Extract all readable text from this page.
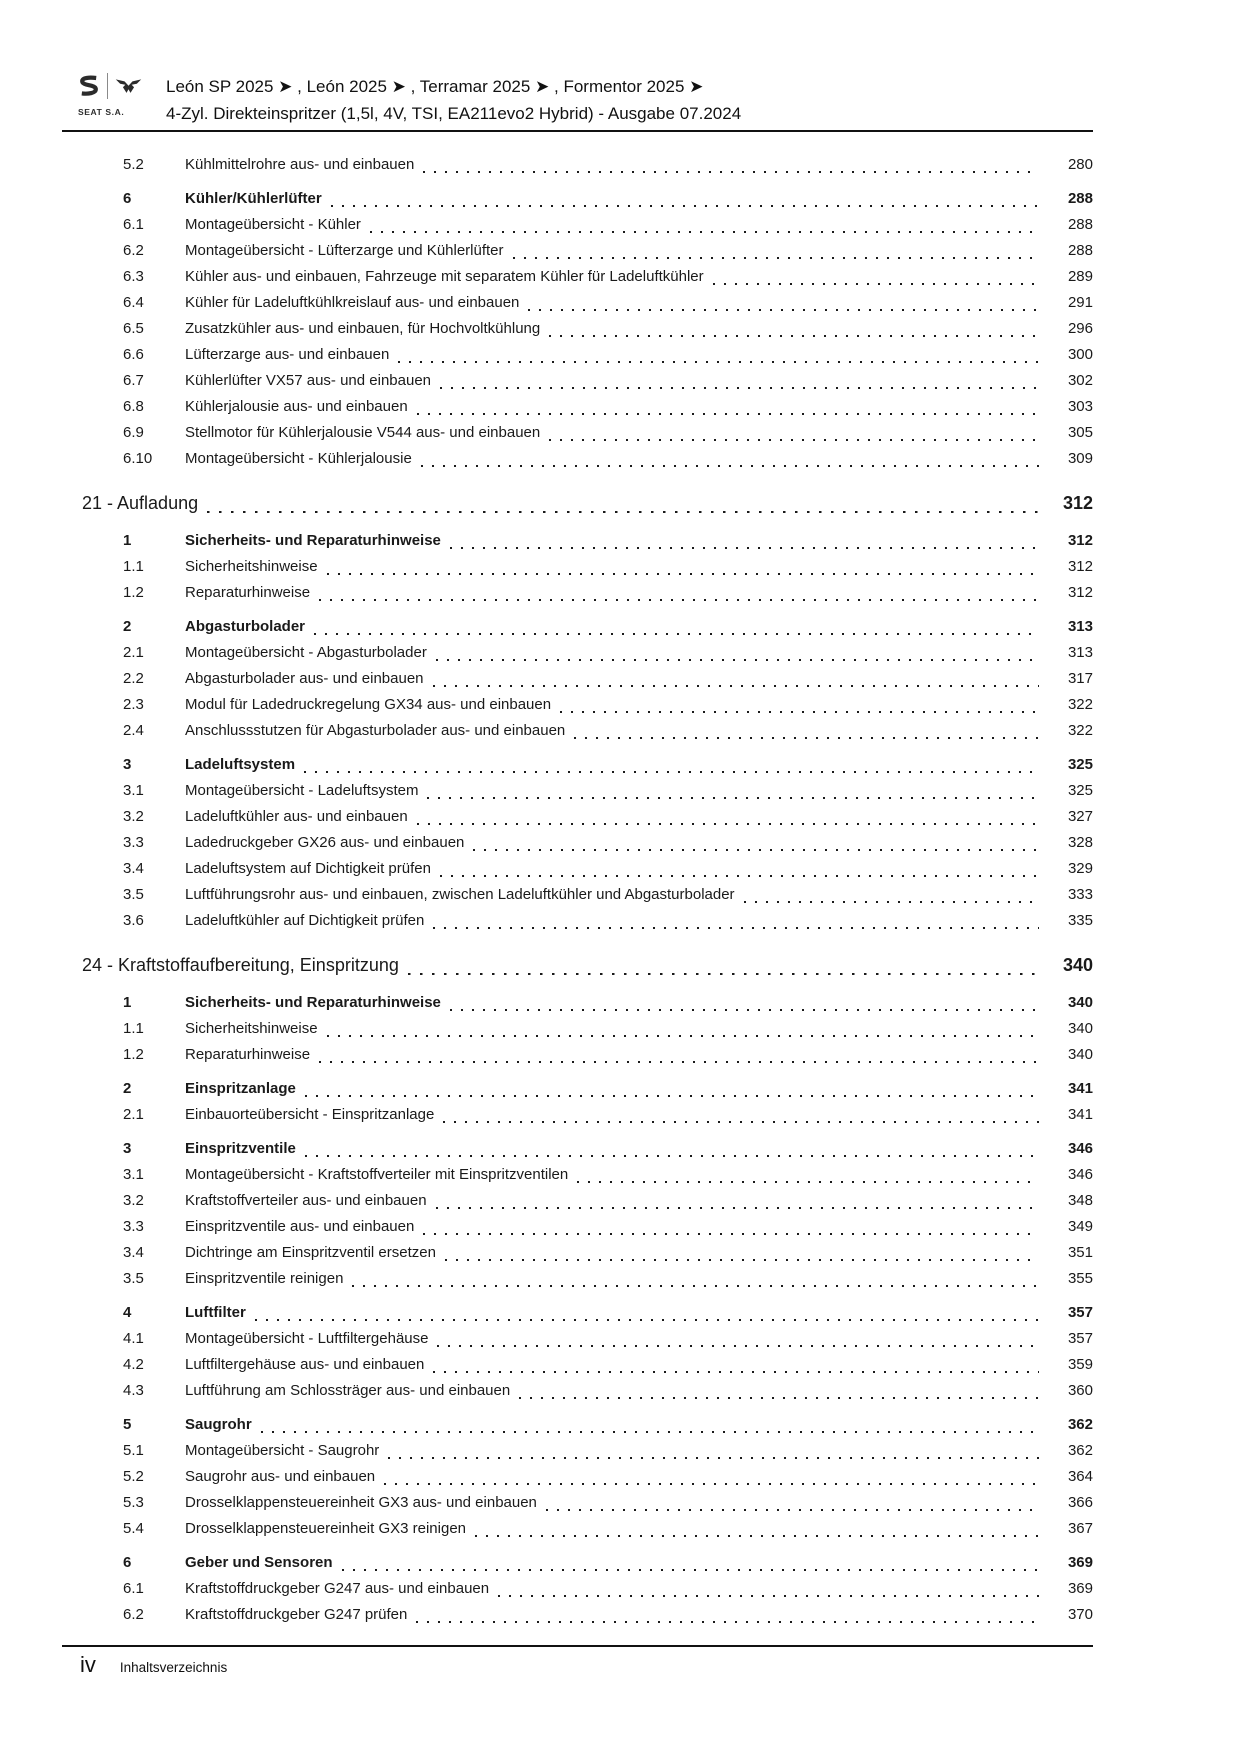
SEAT S.A.
León SP 2025 ➤ , León 2025 ➤ , Terramar 2025 ➤ , Formentor 2025 ➤
4-Zyl. Direkteinspritzer (1,5l, 4V, TSI, EA211evo2 Hybrid) - Ausgabe 07.2024
5.2	Kühlmittelrohre aus- und einbauen	280
6	Kühler/Kühlerlüfter	288
6.1	Montageübersicht - Kühler	288
6.2	Montageübersicht - Lüfterzarge und Kühlerlüfter	288
6.3	Kühler aus- und einbauen, Fahrzeuge mit separatem Kühler für Ladeluftkühler	289
6.4	Kühler für Ladeluftkühlkreislauf aus- und einbauen	291
6.5	Zusatzkühler aus- und einbauen, für Hochvoltkühlung	296
6.6	Lüfterzarge aus- und einbauen	300
6.7	Kühlerlüfter VX57 aus- und einbauen	302
6.8	Kühlerjalousie aus- und einbauen	303
6.9	Stellmotor für Kühlerjalousie V544 aus- und einbauen	305
6.10	Montageübersicht - Kühlerjalousie	309
21 - Aufladung	312
1	Sicherheits- und Reparaturhinweise	312
1.1	Sicherheitshinweise	312
1.2	Reparaturhinweise	312
2	Abgasturbolader	313
2.1	Montageübersicht - Abgasturbolader	313
2.2	Abgasturbolader aus- und einbauen	317
2.3	Modul für Ladedruckregelung GX34 aus- und einbauen	322
2.4	Anschlussstutzen für Abgasturbolader aus- und einbauen	322
3	Ladeluftsystem	325
3.1	Montageübersicht - Ladeluftsystem	325
3.2	Ladeluftkühler aus- und einbauen	327
3.3	Ladedruckgeber GX26 aus- und einbauen	328
3.4	Ladeluftsystem auf Dichtigkeit prüfen	329
3.5	Luftführungsrohr aus- und einbauen, zwischen Ladeluftkühler und Abgasturbolader	333
3.6	Ladeluftkühler auf Dichtigkeit prüfen	335
24 - Kraftstoffaufbereitung, Einspritzung	340
1	Sicherheits- und Reparaturhinweise	340
1.1	Sicherheitshinweise	340
1.2	Reparaturhinweise	340
2	Einspritzanlage	341
2.1	Einbauorteübersicht - Einspritzanlage	341
3	Einspritzventile	346
3.1	Montageübersicht - Kraftstoffverteiler mit Einspritzventilen	346
3.2	Kraftstoffverteiler aus- und einbauen	348
3.3	Einspritzventile aus- und einbauen	349
3.4	Dichtringe am Einspritzventil ersetzen	351
3.5	Einspritzventile reinigen	355
4	Luftfilter	357
4.1	Montageübersicht - Luftfiltergehäuse	357
4.2	Luftfiltergehäuse aus- und einbauen	359
4.3	Luftführung am Schlossträger aus- und einbauen	360
5	Saugrohr	362
5.1	Montageübersicht - Saugrohr	362
5.2	Saugrohr aus- und einbauen	364
5.3	Drosselklappensteuereinheit GX3 aus- und einbauen	366
5.4	Drosselklappensteuereinheit GX3 reinigen	367
6	Geber und Sensoren	369
6.1	Kraftstoffdruckgeber G247 aus- und einbauen	369
6.2	Kraftstoffdruckgeber G247 prüfen	370
iv Inhaltsverzeichnis
